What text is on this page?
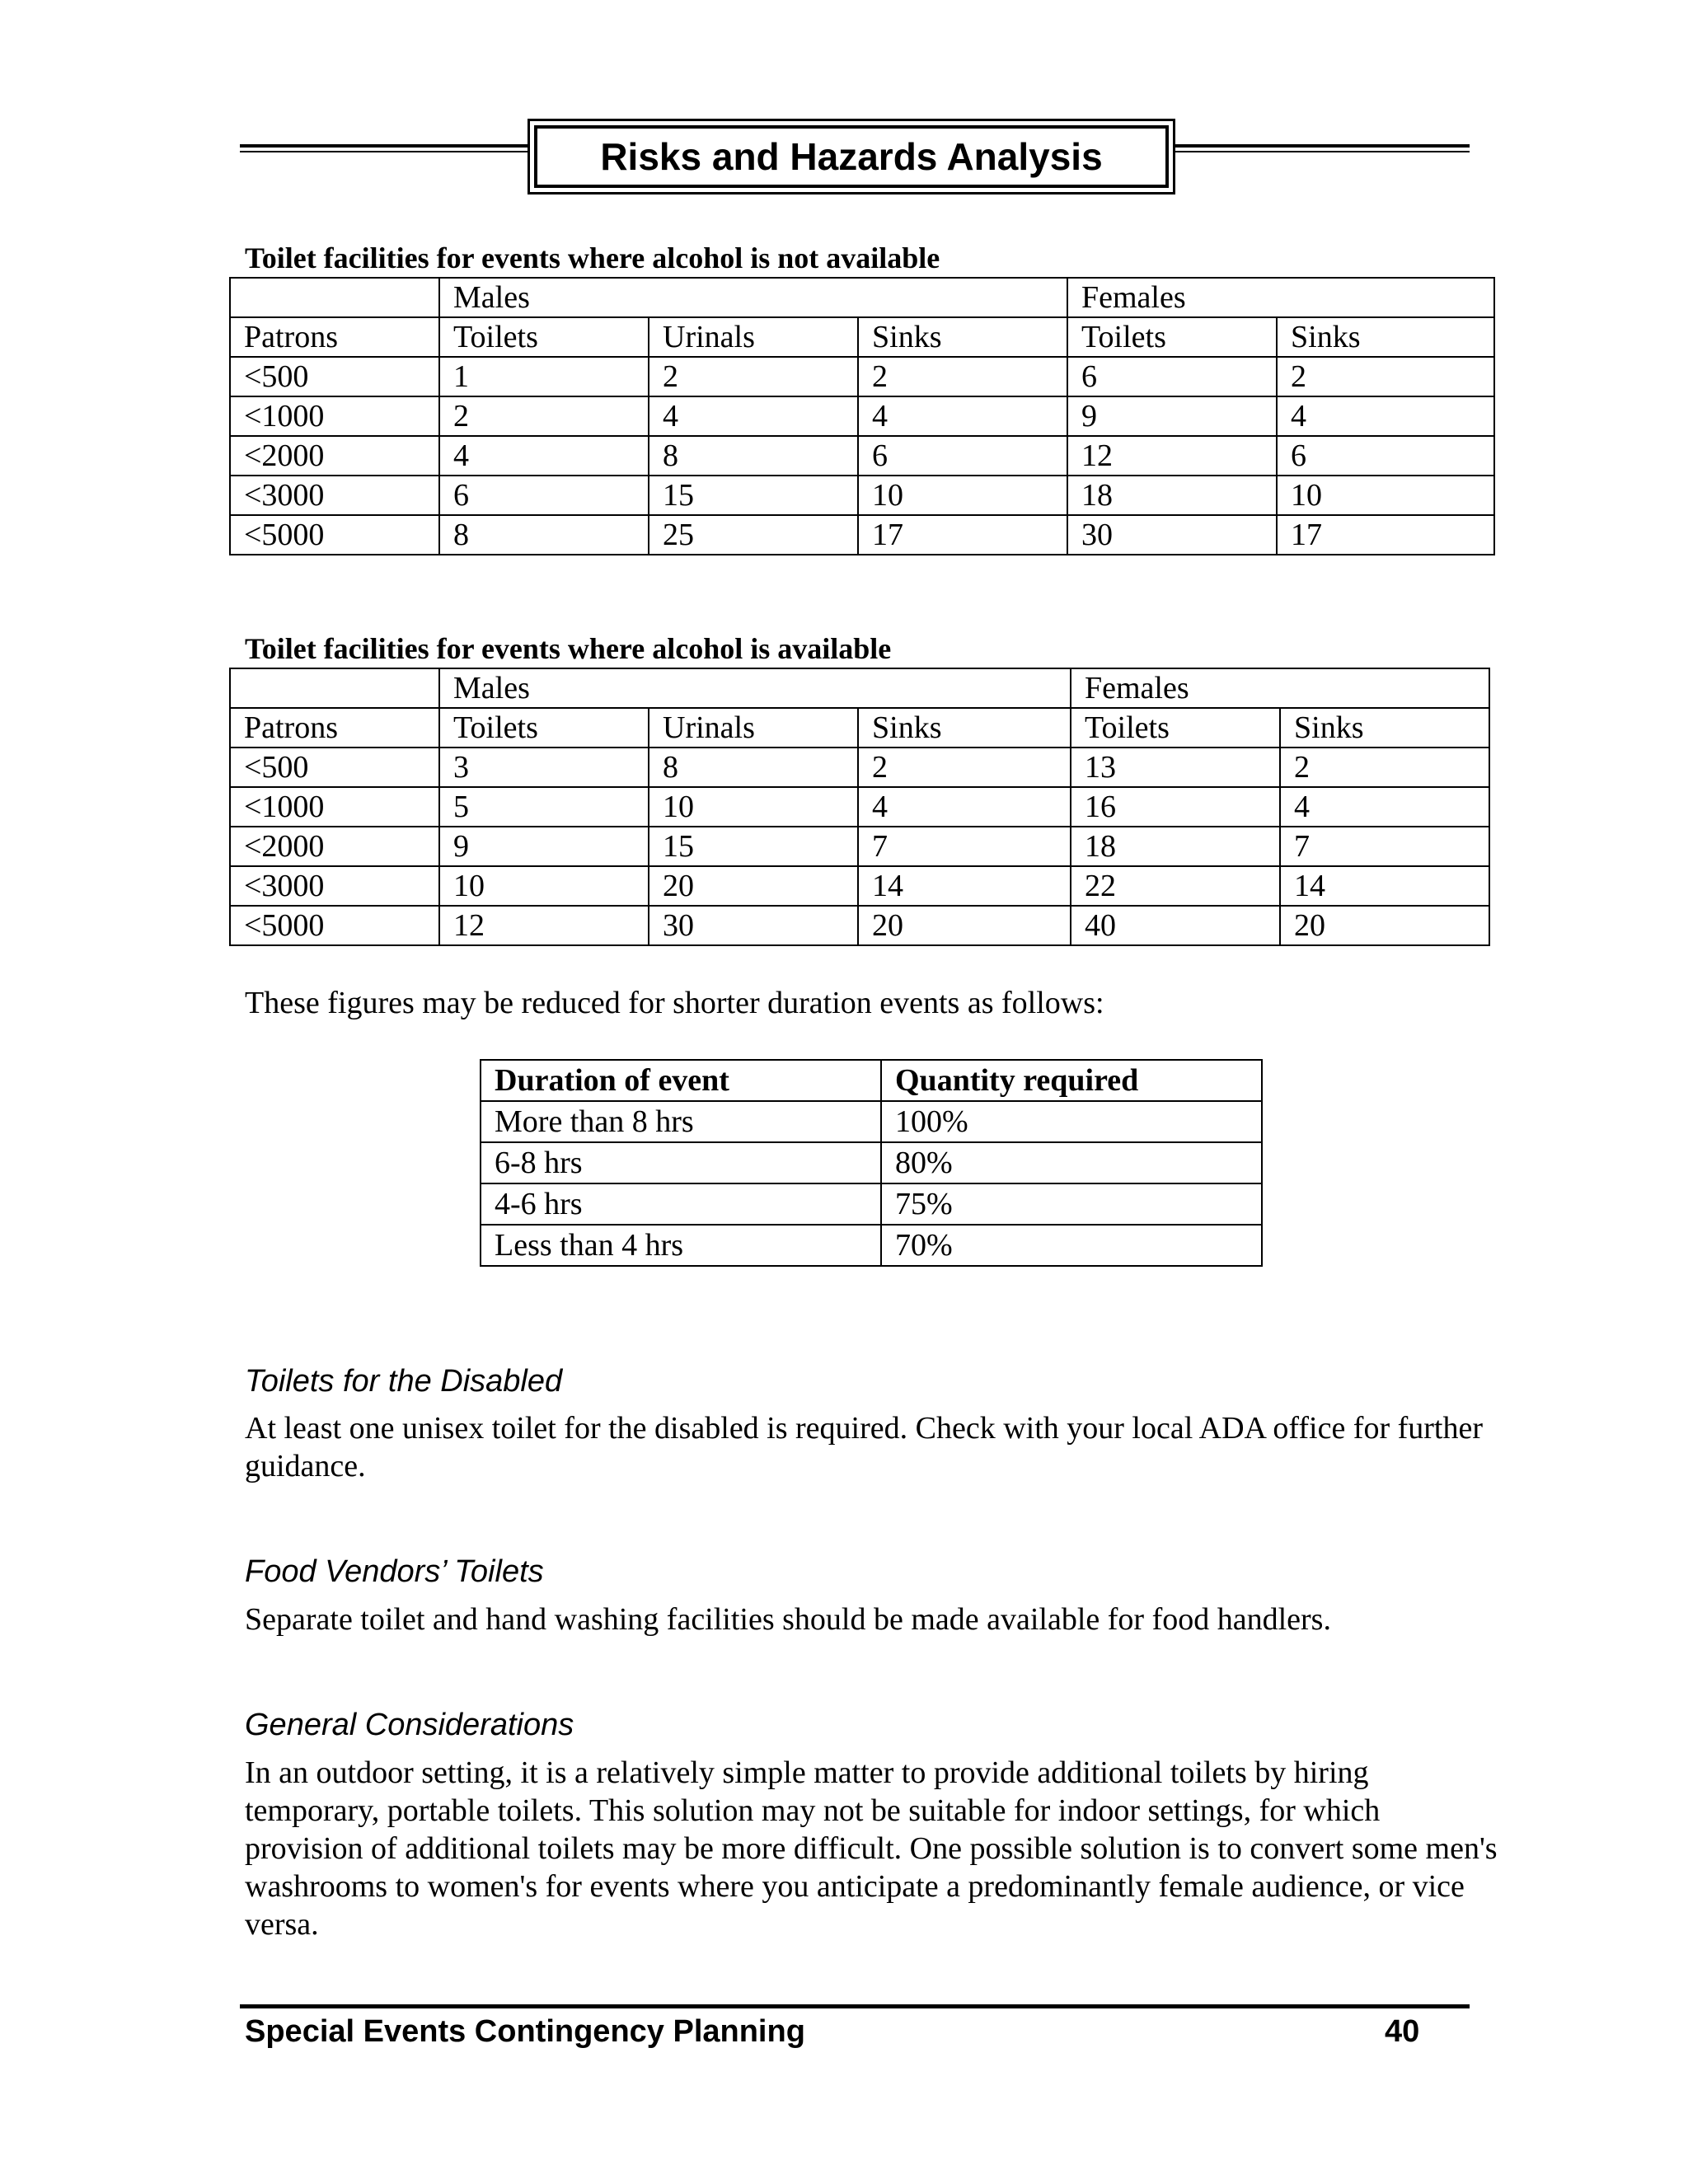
Risks and Hazards Analysis
Toilet facilities for events where alcohol is not available
	Males			Females	
Patrons	Toilets	Urinals	Sinks	Toilets	Sinks
<500	1	2	2	6	2
<1000	2	4	4	9	4
<2000	4	8	6	12	6
<3000	6	15	10	18	10
<5000	8	25	17	30	17
Toilet facilities for events where alcohol is available
	Males			Females	
Patrons	Toilets	Urinals	Sinks	Toilets	Sinks
<500	3	8	2	13	2
<1000	5	10	4	16	4
<2000	9	15	7	18	7
<3000	10	20	14	22	14
<5000	12	30	20	40	20
These figures may be reduced for shorter duration events as follows:
Duration of event	Quantity required
More than 8 hrs	100%
6-8 hrs	80%
4-6 hrs	75%
Less than 4 hrs	70%
Toilets for the Disabled
At least one unisex toilet for the disabled is required. Check with your local ADA office for further guidance.
Food Vendors’ Toilets
Separate toilet and hand washing facilities should be made available for food handlers.
General Considerations
In an outdoor setting, it is a relatively simple matter to provide additional toilets by hiring temporary, portable toilets. This solution may not be suitable for indoor settings, for which provision of additional toilets may be more difficult. One possible solution is to convert some men's washrooms to women's for events where you anticipate a predominantly female audience, or vice versa.
Special Events Contingency Planning	40
